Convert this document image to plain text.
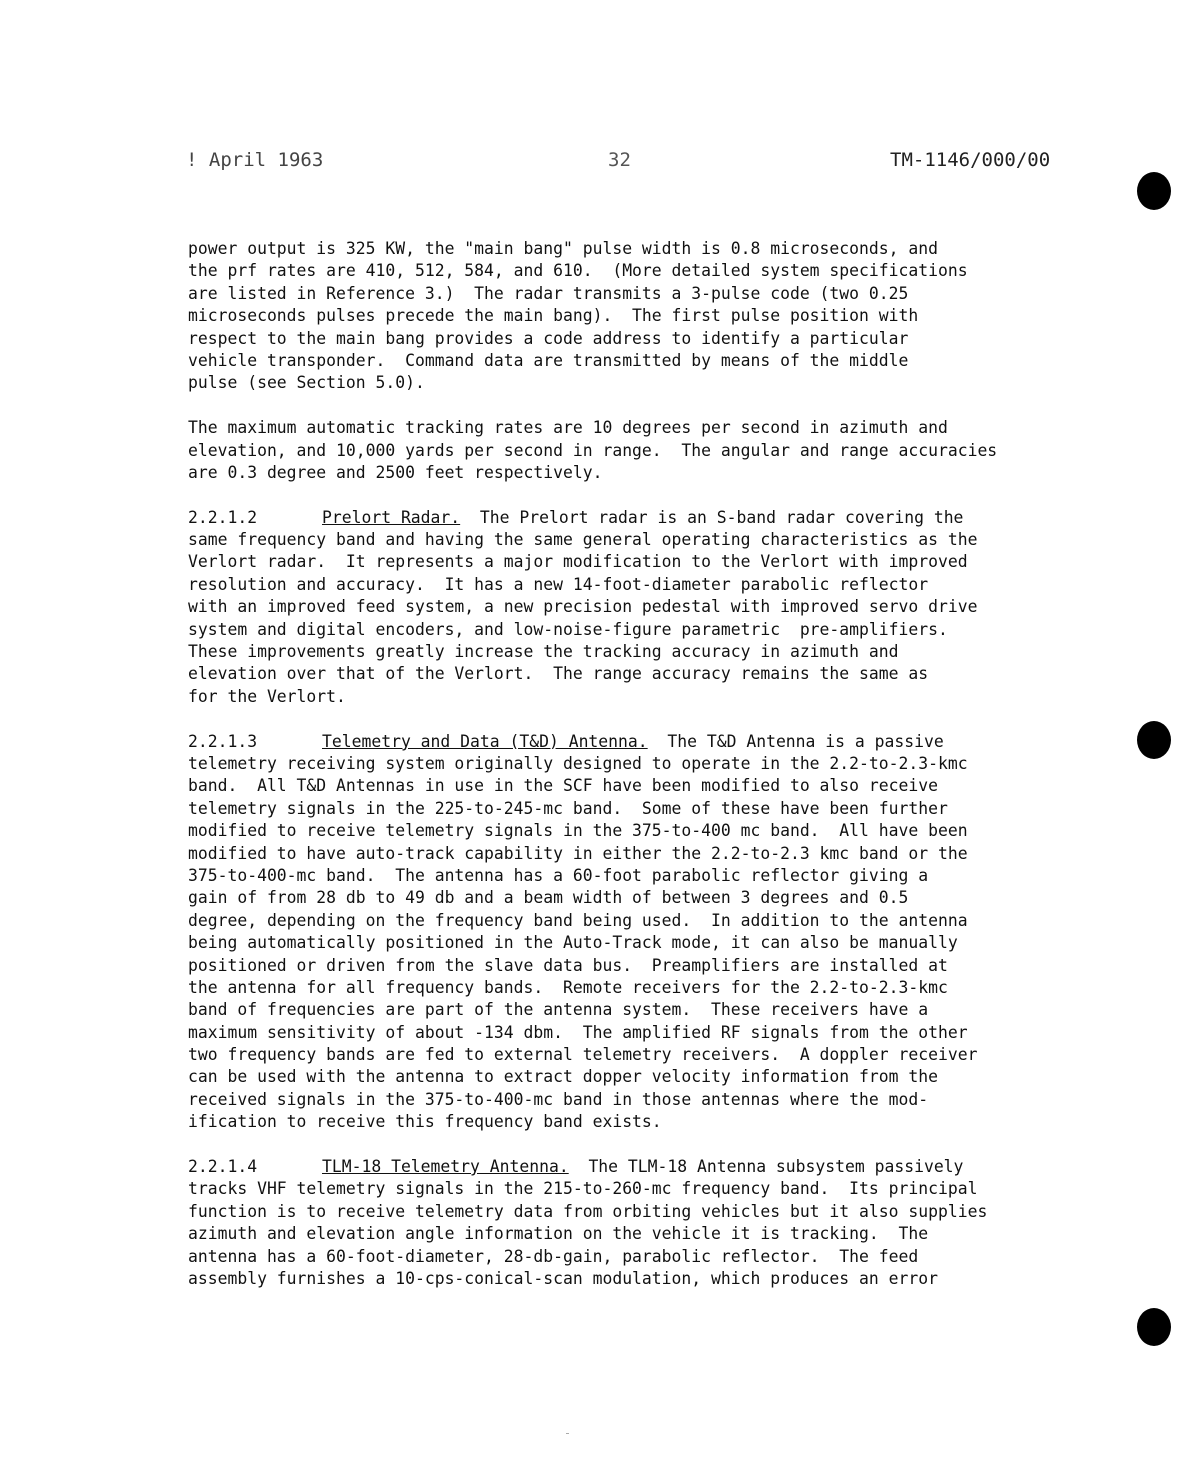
! April 1963	32	TM-1146/000/00
power output is 325 KW, the "main bang" pulse width is 0.8 microseconds, and
the prf rates are 410, 512, 584, and 610.  (More detailed system specifications
are listed in Reference 3.)  The radar transmits a 3-pulse code (two 0.25
microseconds pulses precede the main bang).  The first pulse position with
respect to the main bang provides a code address to identify a particular
vehicle transponder.  Command data are transmitted by means of the middle
pulse (see Section 5.0).
The maximum automatic tracking rates are 10 degrees per second in azimuth and
elevation, and 10,000 yards per second in range.  The angular and range accuracies
are 0.3 degree and 2500 feet respectively.
2.2.1.2	Prelort Radar.  The Prelort radar is an S-band radar covering the
same frequency band and having the same general operating characteristics as the
Verlort radar.  It represents a major modification to the Verlort with improved
resolution and accuracy.  It has a new 14-foot-diameter parabolic reflector
with an improved feed system, a new precision pedestal with improved servo drive
system and digital encoders, and low-noise-figure parametric  pre-amplifiers.
These improvements greatly increase the tracking accuracy in azimuth and
elevation over that of the Verlort.  The range accuracy remains the same as
for the Verlort.
2.2.1.3	Telemetry and Data (T&D) Antenna.  The T&D Antenna is a passive
telemetry receiving system originally designed to operate in the 2.2-to-2.3-kmc
band.  All T&D Antennas in use in the SCF have been modified to also receive
telemetry signals in the 225-to-245-mc band.  Some of these have been further
modified to receive telemetry signals in the 375-to-400 mc band.  All have been
modified to have auto-track capability in either the 2.2-to-2.3 kmc band or the
375-to-400-mc band.  The antenna has a 60-foot parabolic reflector giving a
gain of from 28 db to 49 db and a beam width of between 3 degrees and 0.5
degree, depending on the frequency band being used.  In addition to the antenna
being automatically positioned in the Auto-Track mode, it can also be manually
positioned or driven from the slave data bus.  Preamplifiers are installed at
the antenna for all frequency bands.  Remote receivers for the 2.2-to-2.3-kmc
band of frequencies are part of the antenna system.  These receivers have a
maximum sensitivity of about -134 dbm.  The amplified RF signals from the other
two frequency bands are fed to external telemetry receivers.  A doppler receiver
can be used with the antenna to extract dopper velocity information from the
received signals in the 375-to-400-mc band in those antennas where the mod-
ification to receive this frequency band exists.
2.2.1.4	TLM-18 Telemetry Antenna.  The TLM-18 Antenna subsystem passively
tracks VHF telemetry signals in the 215-to-260-mc frequency band.  Its principal
function is to receive telemetry data from orbiting vehicles but it also supplies
azimuth and elevation angle information on the vehicle it is tracking.  The
antenna has a 60-foot-diameter, 28-db-gain, parabolic reflector.  The feed
assembly furnishes a 10-cps-conical-scan modulation, which produces an error
